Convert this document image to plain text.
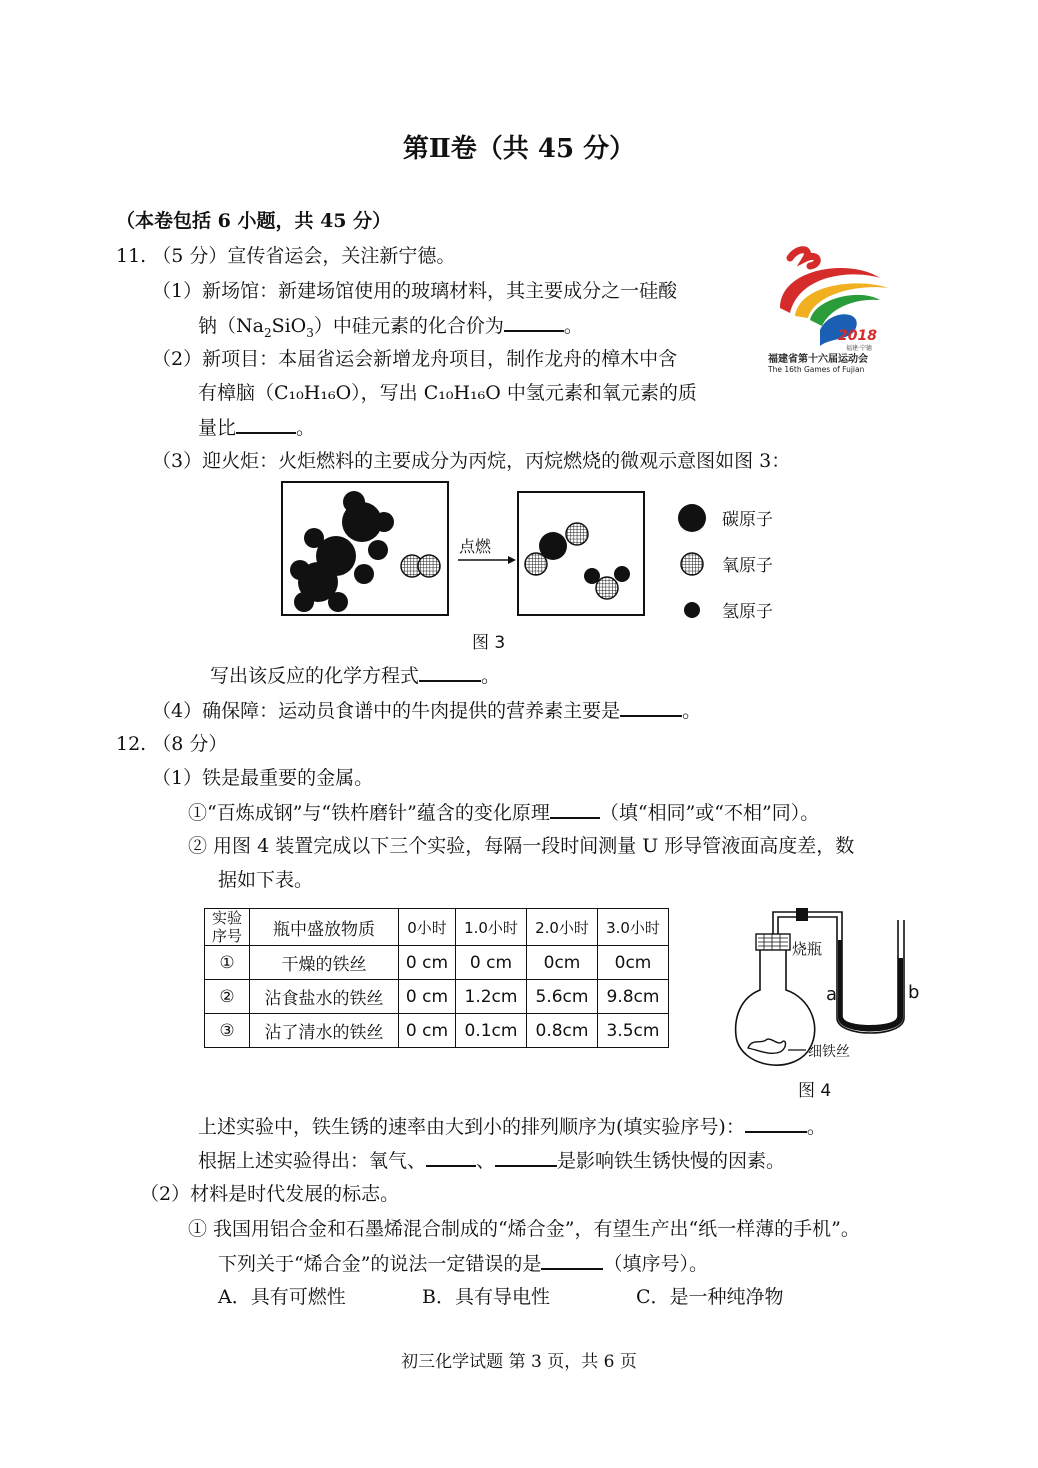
第Ⅱ卷（共 45 分）
（本卷包括 6 小题，共 45 分）
11. （5 分）宣传省运会，关注新宁德。
（1）新场馆：新建场馆使用的玻璃材料，其主要成分之一硅酸
钠$(Na_2SiO_3)$中硅元素的化合价为	。
（2）新项目：本届省运会新增龙舟项目，制作龙舟的樟木中含
有樟脑（C₁₀H₁₆O），写出 C₁₀H₁₆O 中氢元素和氧元素的质
量比	。
（3）迎火炬：火炬燃料的主要成分为丙烷，丙烷燃烧的微观示意图如图 3：
2018
福建·宁德
福建省第十六届运动会
The 16th Games of Fujian
点燃
碳原子
氧原子
氢原子
图 3
写出该反应的化学方程式	。
（4）确保障：运动员食谱中的牛肉提供的营养素主要是	。
12. （8 分）
（1）铁是最重要的金属。
①“百炼成钢”与“铁杵磨针”蕴含的变化原理	（填“相同”或“不相”同）。
② 用图 4 装置完成以下三个实验，每隔一段时间测量 U 形导管液面高度差，数
据如下表。
实验序号	瓶中盛放物质	0小时	1.0小时	2.0小时	3.0小时
①	干燥的铁丝	0 cm	0 cm	0cm	0cm
②	沾食盐水的铁丝	0 cm	1.2cm	5.6cm	9.8cm
③	沾了清水的铁丝	0 cm	0.1cm	0.8cm	3.5cm
烧瓶
a	b
细铁丝
图 4
上述实验中，铁生锈的速率由大到小的排列顺序为(填实验序号)：	。
根据上述实验得出：氧气、	、	是影响铁生锈快慢的因素。
（2）材料是时代发展的标志。
① 我国用铝合金和石墨烯混合制成的“烯合金”，有望生产出“纸一样薄的手机”。
下列关于“烯合金”的说法一定错误的是	（填序号）。
A．具有可燃性	B．具有导电性	C．是一种纯净物
初三化学试题 第 3 页，共 6 页
